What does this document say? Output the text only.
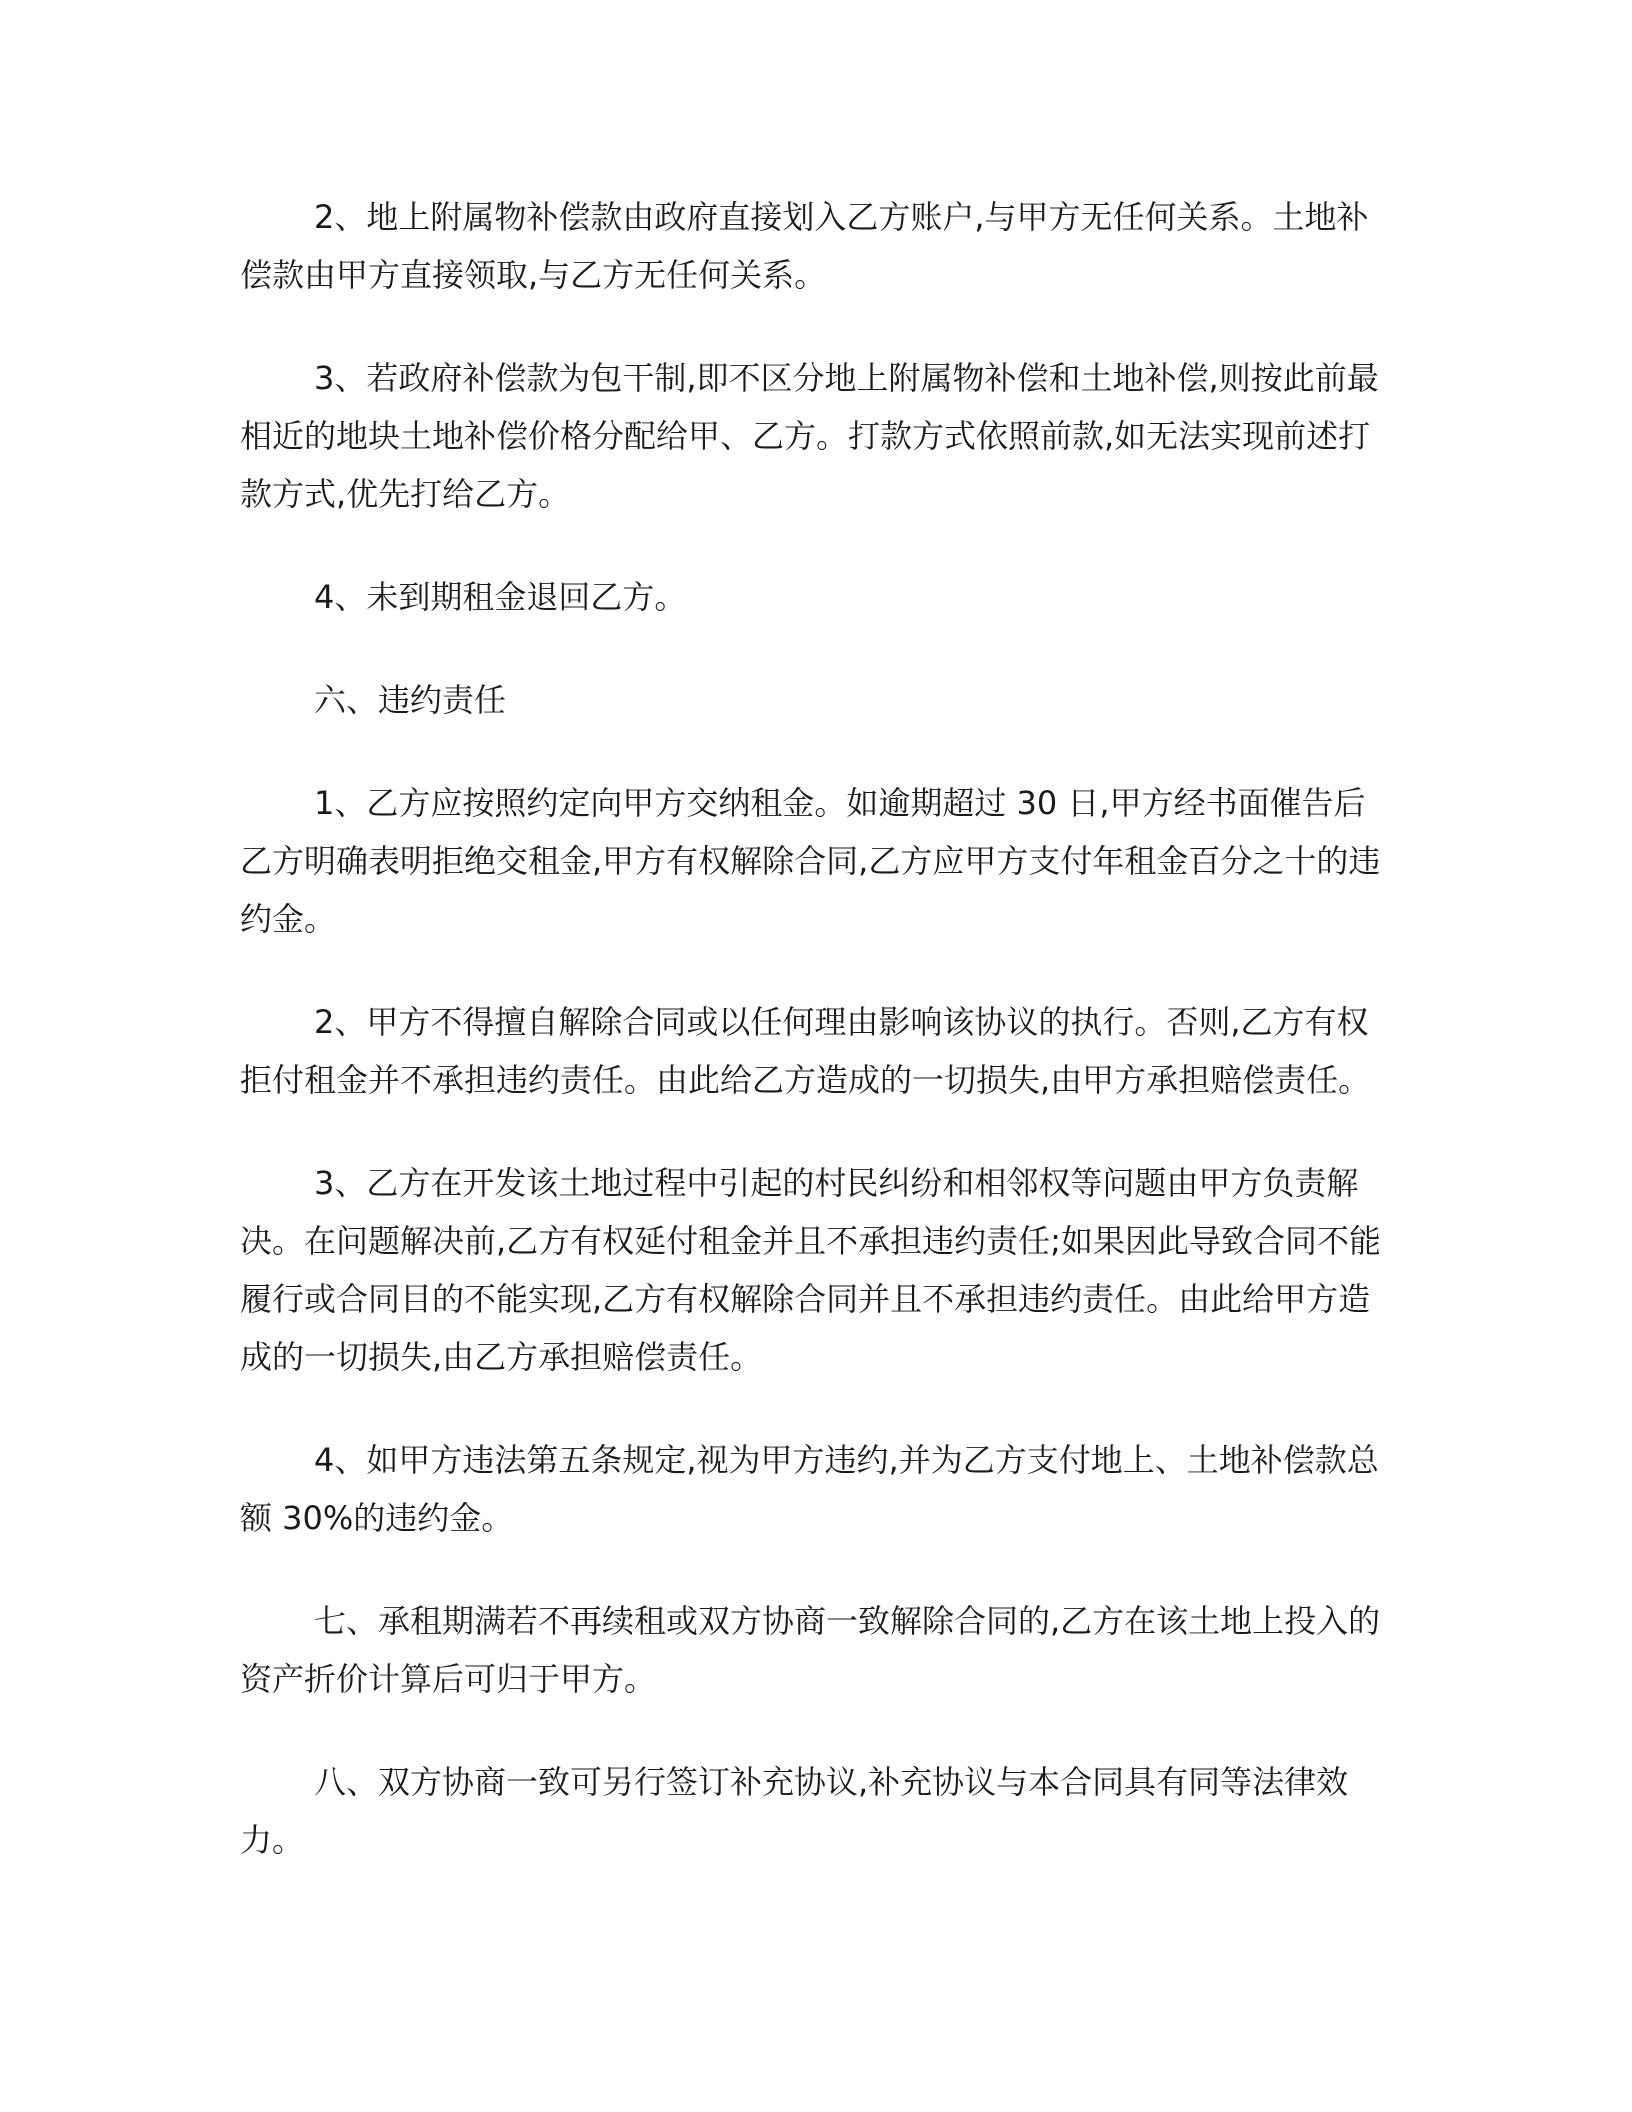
2、地上附属物补偿款由政府直接划入乙方账户,与甲方无任何关系。土地补偿款由甲方直接领取,与乙方无任何关系。

3、若政府补偿款为包干制,即不区分地上附属物补偿和土地补偿,则按此前最相近的地块土地补偿价格分配给甲、乙方。打款方式依照前款,如无法实现前述打款方式,优先打给乙方。

4、未到期租金退回乙方。

六、违约责任

1、乙方应按照约定向甲方交纳租金。如逾期超过 30 日,甲方经书面催告后乙方明确表明拒绝交租金,甲方有权解除合同,乙方应甲方支付年租金百分之十的违约金。

2、甲方不得擅自解除合同或以任何理由影响该协议的执行。否则,乙方有权拒付租金并不承担违约责任。由此给乙方造成的一切损失,由甲方承担赔偿责任。

3、乙方在开发该土地过程中引起的村民纠纷和相邻权等问题由甲方负责解决。在问题解决前,乙方有权延付租金并且不承担违约责任;如果因此导致合同不能履行或合同目的不能实现,乙方有权解除合同并且不承担违约责任。由此给甲方造成的一切损失,由乙方承担赔偿责任。

4、如甲方违法第五条规定,视为甲方违约,并为乙方支付地上、土地补偿款总额 30%的违约金。

七、承租期满若不再续租或双方协商一致解除合同的,乙方在该土地上投入的资产折价计算后可归于甲方。

八、双方协商一致可另行签订补充协议,补充协议与本合同具有同等法律效力。
